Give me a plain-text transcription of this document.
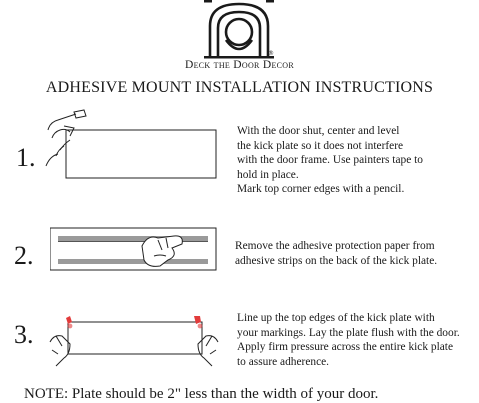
®
Deck the Door Decor
ADHESIVE MOUNT INSTALLATION INSTRUCTIONS
1.
With the door shut, center and level
the kick plate so it does not interfere
with the door frame. Use painters tape to
hold in place.
Mark top corner edges with a pencil.
2.	Remove the adhesive protection paper from
adhesive strips on the back of the kick plate.
3.
Line up the top edges of the kick plate with
your markings. Lay the plate flush with the door.
Apply firm pressure across the entire kick plate
to assure adherence.
NOTE: Plate should be 2" less than the width of your door.
